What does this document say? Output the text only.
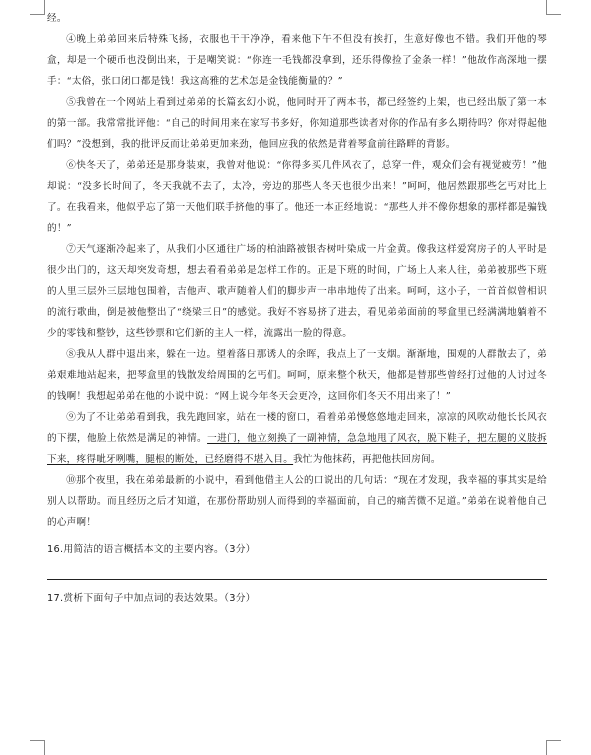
经。

④晚上弟弟回来后特殊飞扬，衣服也干干净净，看来他下午不但没有挨打，生意好像也不错。我们开他的琴盒，却是一个硬币也没倒出来，于是嘲笑说：“你连一毛钱都没拿到，还乐得像捡了金条一样！”他故作高深地一摆手：“太俗，张口闭口都是钱！我这高雅的艺术怎是金钱能衡量的？”

⑤我曾在一个网站上看到过弟弟的长篇玄幻小说，他同时开了两本书，都已经签约上架，也已经出版了第一本的第一部。我常常批评他：“自己的时间用来在家写书多好，你知道那些读者对你的作品有多么期待吗？你对得起他们吗？”没想到，我的批评反而让弟弟更加来劲，他回应我的依然是背着琴盒前往路畔的背影。

⑥快冬天了，弟弟还是那身装束，我曾对他说：“你得多买几件风衣了，总穿一件，观众们会有视觉疲劳！”他却说：“没多长时间了，冬天我就不去了，太冷，旁边的那些人冬天也很少出来！”呵呵，他居然跟那些乞丐对比上了。在我看来，他似乎忘了第一天他们联手挤他的事了。他还一本正经地说：“那些人并不像你想象的那样都是骗钱的！”

⑦天气逐渐冷起来了，从我们小区通往广场的柏油路被银杏树叶染成一片金黄。像我这样爱窝房子的人平时是很少出门的，这天却突发奇想，想去看看弟弟是怎样工作的。正是下班的时间，广场上人来人往，弟弟被那些下班的人里三层外三层地包围着，吉他声、歌声随着人们的脚步声一串串地传了出来。呵呵，这小子，一首首似曾相识的流行歌曲，倒是被他整出了“绕梁三日”的感觉。我好不容易挤了进去，看见弟弟面前的琴盒里已经满满地躺着不少的零钱和整钞，这些钞票和它们新的主人一样，流露出一脸的得意。

⑧我从人群中退出来，躲在一边。望着落日那诱人的余晖，我点上了一支烟。渐渐地，围观的人群散去了，弟弟艰难地站起来，把琴盒里的钱散发给周围的乞丐们。呵呵，原来整个秋天，他都是替那些曾经打过他的人讨过冬的钱啊！我想起弟弟在他的小说中说：“网上说今年冬天会更冷，这回你们冬天不用出来了！”

⑨为了不让弟弟看到我，我先跑回家，站在一楼的窗口，看着弟弟慢悠悠地走回来，凉凉的风吹动他长长风衣的下摆，他脸上依然是满足的神情。一进门，他立刻换了一副神情，急急地甩了风衣，脱下鞋子，把左腿的义肢拆下来，疼得呲牙咧嘴，腿根的断处，已经磨得不堪入目。我忙为他抹药，再把他扶回房间。

⑩那个夜里，我在弟弟最新的小说中，看到他借主人公的口说出的几句话：“现在才发现，我幸福的事其实是给别人以帮助。而且经历之后才知道，在那份帮助别人而得到的幸福面前，自己的痛苦微不足道。”弟弟在说着他自己的心声啊！

16.用简洁的语言概括本文的主要内容。（3分）

17.赏析下面句子中加点词的表达效果。（3分）
